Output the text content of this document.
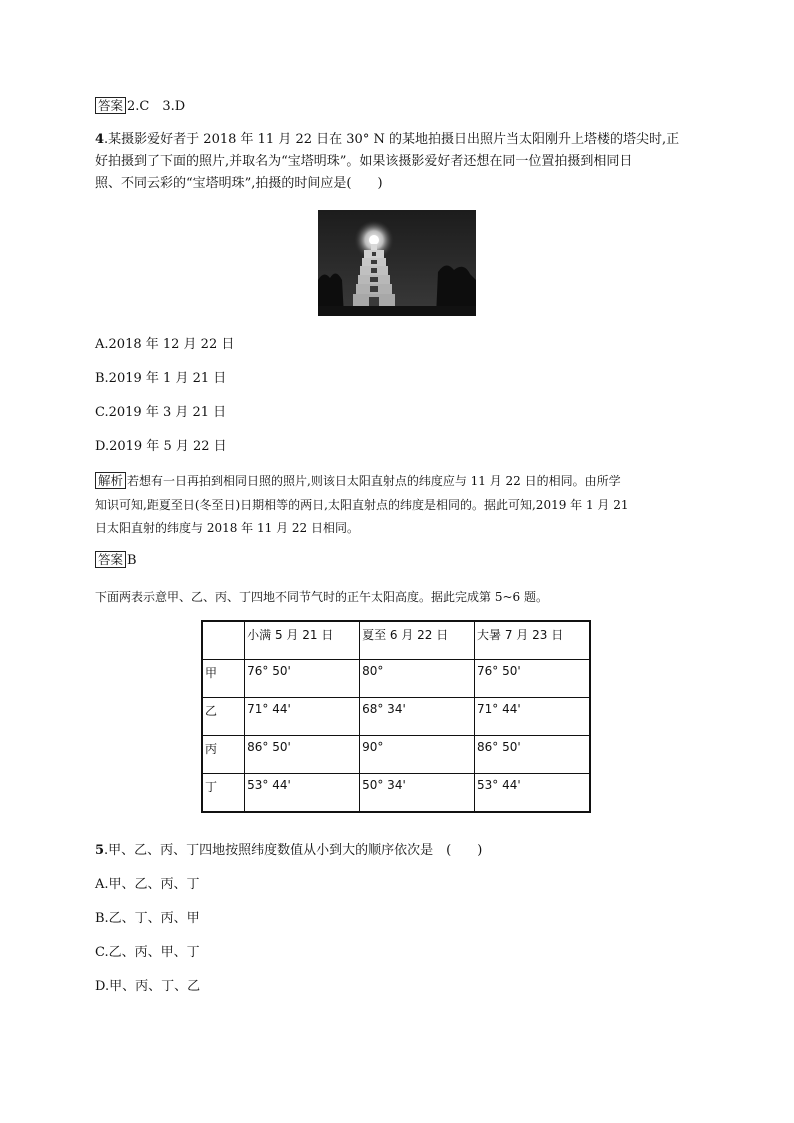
答案 2.C　3.D
4.某摄影爱好者于 2018 年 11 月 22 日在 30° N 的某地拍摄日出照片当太阳刚升上塔楼的塔尖时,正
好拍摄到了下面的照片,并取名为“宝塔明珠”。如果该摄影爱好者还想在同一位置拍摄到相同日
照、不同云彩的“宝塔明珠”,拍摄的时间应是(　　)
A.2018 年 12 月 22 日
B.2019 年 1 月 21 日
C.2019 年 3 月 21 日
D.2019 年 5 月 22 日
解析 若想有一日再拍到相同日照的照片,则该日太阳直射点的纬度应与 11 月 22 日的相同。由所学
知识可知,距夏至日(冬至日)日期相等的两日,太阳直射点的纬度是相同的。据此可知,2019 年 1 月 21
日太阳直射的纬度与 2018 年 11 月 22 日相同。
答案 B
下面两表示意甲、乙、丙、丁四地不同节气时的正午太阳高度。据此完成第 5~6 题。
	小满 5 月 21 日	夏至 6 月 22 日	大暑 7 月 23 日
甲	76° 50'	80°	76° 50'
乙	71° 44'	68° 34'	71° 44'
丙	86° 50'	90°	86° 50'
丁	53° 44'	50° 34'	53° 44'
5.甲、乙、丙、丁四地按照纬度数值从小到大的顺序依次是　(　　)
A.甲、乙、丙、丁
B.乙、丁、丙、甲
C.乙、丙、甲、丁
D.甲、丙、丁、乙
